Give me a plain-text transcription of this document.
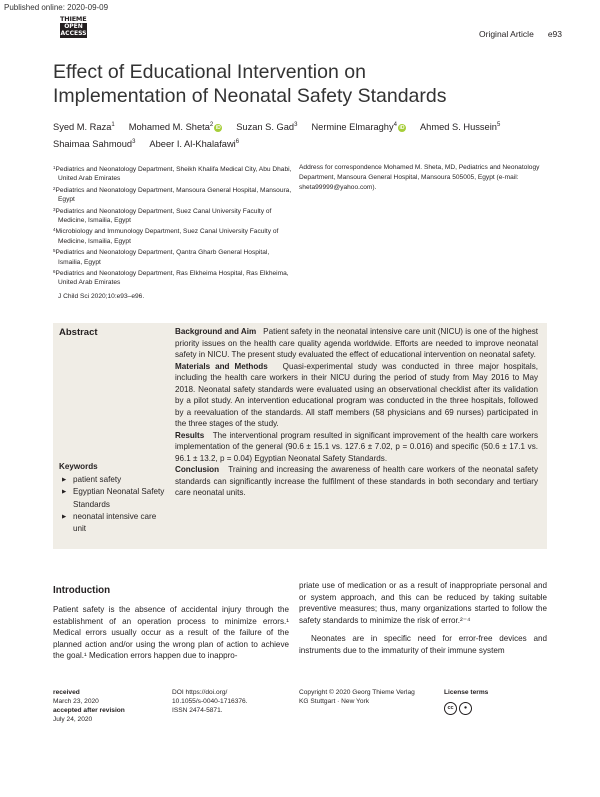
Published online: 2020-09-09
THIEME
OPEN
ACCESS	Original Article e93
Effect of Educational Intervention on
Implementation of Neonatal Safety Standards
Syed M. Raza$^1$ Mohamed M. Sheta$^2$ iD Suzan S. Gad$^3$ Nermine Elmaraghy$^4$ iD Ahmed S. Hussein$^5$
Shaimaa Sahmoud$^3$ Abeer I. Al-Khalafawi$^6$
$^1$Pediatrics and Neonatology Department, Sheikh Khalifa Medical City, Abu Dhabi, United Arab Emirates
$^2$Pediatrics and Neonatology Department, Mansoura General Hospital, Mansoura, Egypt
$^3$Pediatrics and Neonatology Department, Suez Canal University Faculty of Medicine, Ismailia, Egypt
$^4$Microbiology and Immunology Department, Suez Canal University Faculty of Medicine, Ismailia, Egypt
$^5$Pediatrics and Neonatology Department, Qantra Gharb General Hospital, Ismailia, Egypt
$^6$Pediatrics and Neonatology Department, Ras Elkheima Hospital, Ras Elkheima, United Arab Emirates
J Child Sci 2020;10:e93–e96.
Address for correspondence Mohamed M. Sheta, MD, Pediatrics and Neonatology Department, Mansoura General Hospital, Mansoura 505005, Egypt (e-mail: sheta99999@yahoo.com).
Abstract	Background and Aim Patient safety in the neonatal intensive care unit (NICU) is one of the highest priority issues on the health care quality agenda worldwide. Efforts are needed to improve neonatal safety in NICU. The present study evaluated the effect of educational intervention on neonatal safety.

Materials and Methods Quasi-experimental study was conducted in three major hospitals, including the health care workers in their NICU during the period of study from May 2016 to May 2018. Neonatal safety standards were evaluated using an observational checklist after its validation by a pilot study. An intervention educational program was conducted in the three hospitals, followed by a reevaluation of the standards. All staff members (58 physicians and 69 nurses) participated in the three stages of the study.

Results The interventional program resulted in significant improvement of the health care workers implementation of the general (90.6 ± 15.1 vs. 127.6 ± 7.02, p = 0.016) and specific (50.6 ± 17.1 vs. 96.1 ± 13.2, p = 0.04) Egyptian Neonatal Safety Standards.

Conclusion Training and increasing the awareness of health care workers of the neonatal safety standards can significantly increase the fulfilment of these standards in both secondary and tertiary care neonatal units.

Keywords
▶ patient safety
▶ Egyptian Neonatal Safety Standards
▶ neonatal intensive care unit
Introduction
Patient safety is the absence of accidental injury through the establishment of an operation process to minimize errors.¹ Medical errors usually occur as a result of the failure of the planned action and/or using the wrong plan of action to achieve the goal.¹ Medication errors happen due to inappro-

priate use of medication or as a result of inappropriate personal and or system approach, and this can be reduced by taking suitable preventive measures; thus, many organizations started to follow the safety standards to minimize the risk of error.²⁻⁴

Neonates are in specific need for error-free devices and instruments due to the immaturity of their immune system

received
March 23, 2020
accepted after revision
July 24, 2020
DOI https://doi.org/
10.1055/s-0040-1716376.
ISSN 2474-5871.
Copyright © 2020 Georg Thieme Verlag
KG Stuttgart · New York
License terms
cc ●
